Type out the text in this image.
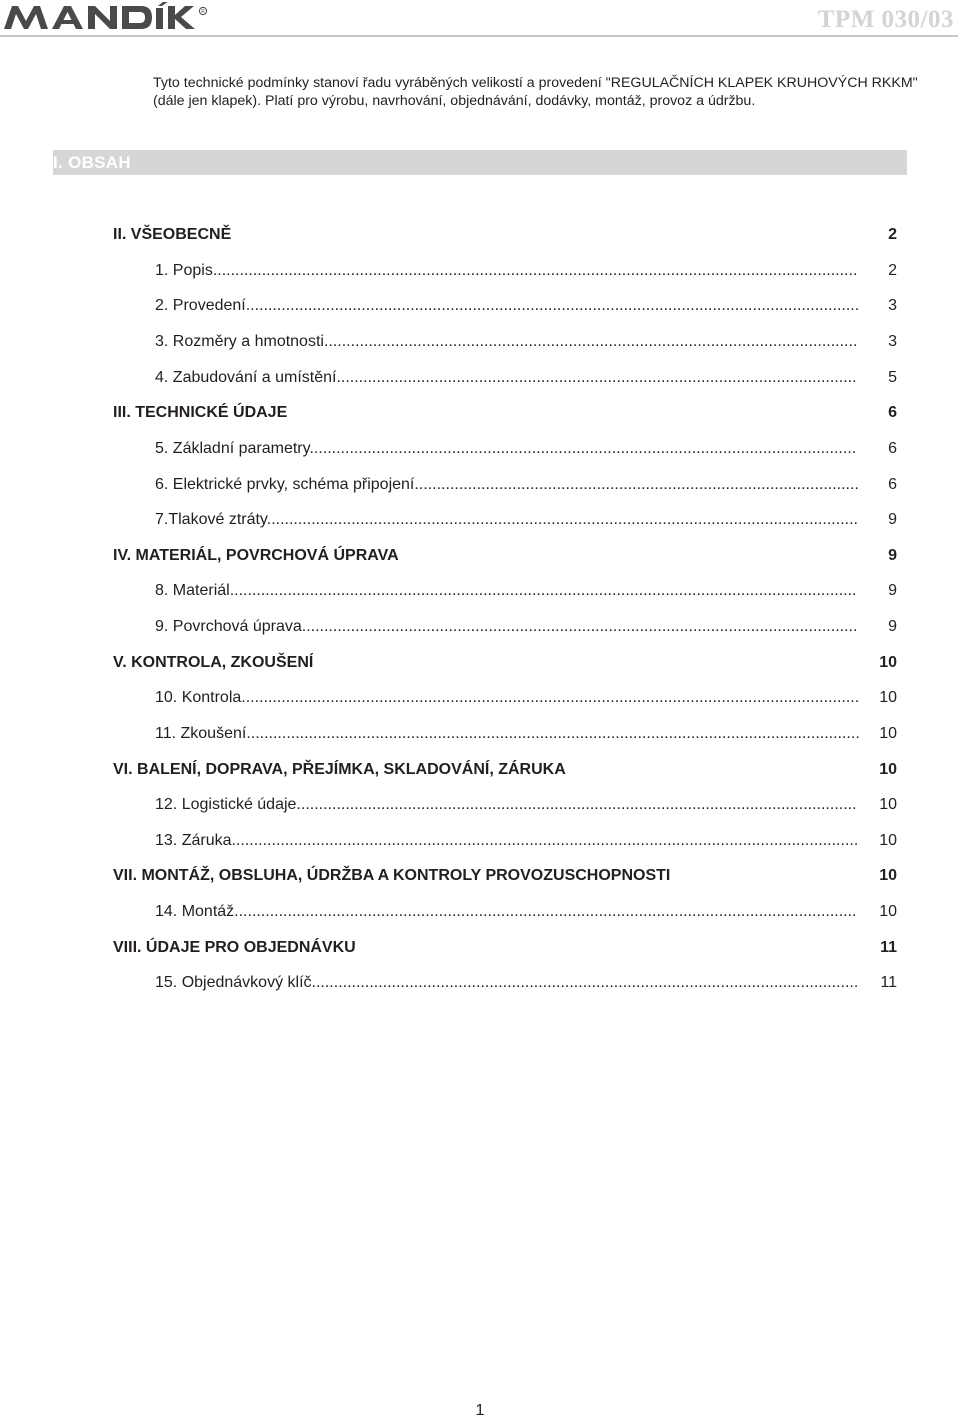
R	TPM 030/03
Tyto technické podmínky stanoví řadu vyráběných velikostí a provedení "REGULAČNÍCH KLAPEK KRUHOVÝCH RKKM" (dále jen klapek). Platí pro výrobu, navrhování, objednávání, dodávky, montáž, provoz a údržbu.
I. OBSAH
II. VŠEOBECNĚ	2
1. Popis................................................................................................................................................. 2
2. Provedení.......................................................................................................................................... 3
3. Rozměry a hmotnosti........................................................................................................................ 3
4. Zabudování a umístění.....................................................................................................................	5
III. TECHNICKÉ ÚDAJE	6
5. Základní parametry...........................................................................................................................	6
6. Elektrické prvky, schéma připojení.................................................................................................... 6
7.Tlakové ztráty..................................................................................................................................... 9
IV. MATERIÁL, POVRCHOVÁ ÚPRAVA	9
8. Materiál.............................................................................................................................................	9
9. Povrchová úprava............................................................................................................................. 9
V. KONTROLA, ZKOUŠENÍ	10
10. Kontrola........................................................................................................................................... 10
11. Zkoušení.......................................................................................................................................... 10
VI. BALENÍ, DOPRAVA, PŘEJÍMKA, SKLADOVÁNÍ, ZÁRUKA	10
12. Logistické údaje..............................................................................................................................	10
13. Záruka............................................................................................................................................. 10
VII. MONTÁŽ, OBSLUHA, ÚDRŽBA A KONTROLY PROVOZUSCHOPNOSTI	10
14. Montáž............................................................................................................................................	10
VIII. ÚDAJE PRO OBJEDNÁVKU	11
15. Objednávkový klíč........................................................................................................................... 11
1
